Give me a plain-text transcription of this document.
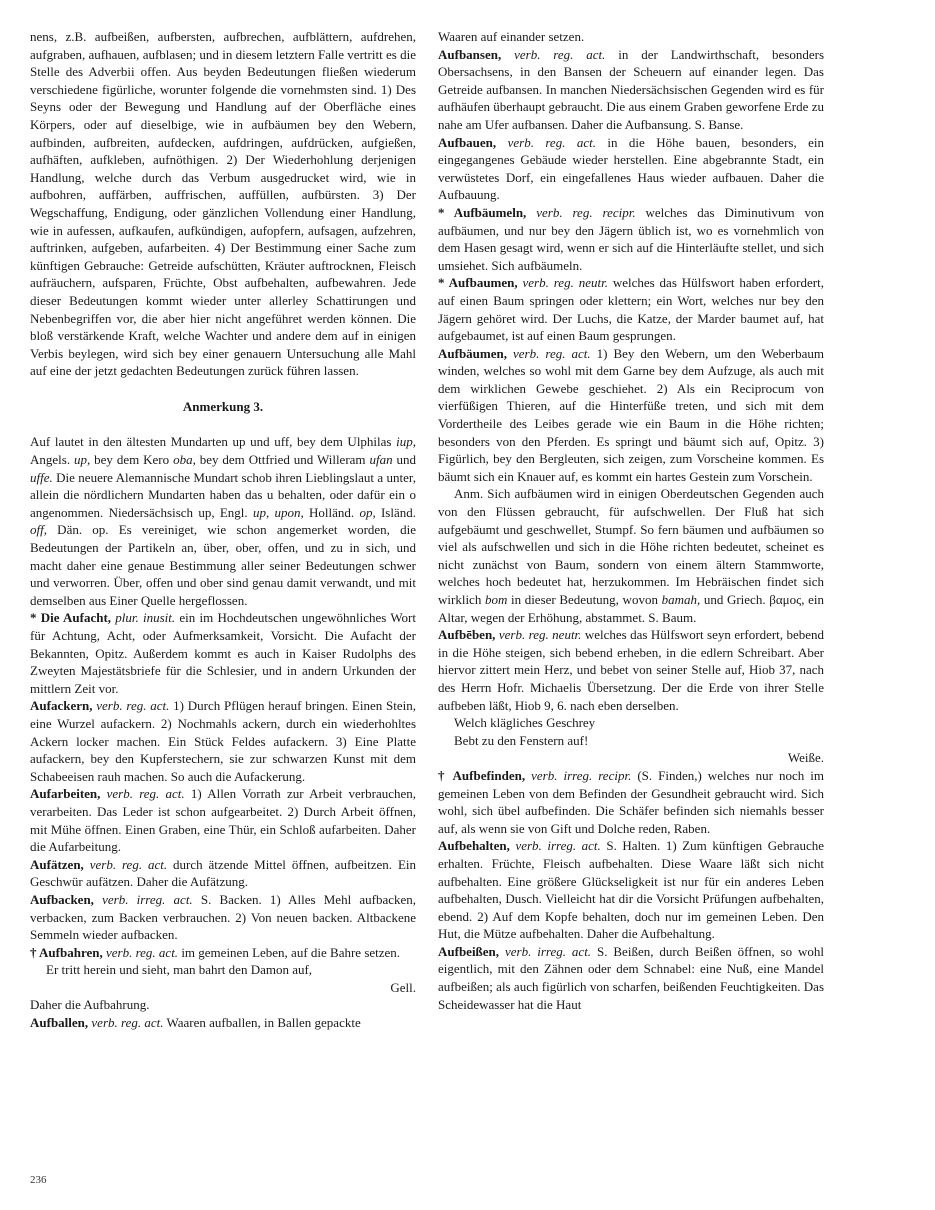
nens, z.B. aufbeißen, aufbersten, aufbrechen, aufblättern, aufdrehen, aufgraben, aufhauen, aufblasen; und in diesem letztern Falle vertritt es die Stelle des Adverbii offen. Aus beyden Bedeutungen fließen wiederum verschiedene figürliche, worunter folgende die vornehmsten sind. 1) Des Seyns oder der Bewegung und Handlung auf der Oberfläche eines Körpers, oder auf dieselbige, wie in aufbäumen bey den Webern, aufbinden, aufbreiten, aufdecken, aufdringen, aufdrücken, aufgießen, aufhäften, aufkleben, aufnöthigen. 2) Der Wiederhohlung derjenigen Handlung, welche durch das Verbum ausgedrucket wird, wie in aufbohren, auffärben, auffrischen, auffüllen, aufbürsten. 3) Der Wegschaffung, Endigung, oder gänzlichen Vollendung einer Handlung, wie in aufessen, aufkaufen, aufkündigen, aufopfern, aufsagen, aufzehren, auftrinken, aufgeben, aufarbeiten. 4) Der Bestimmung einer Sache zum künftigen Gebrauche: Getreide aufschütten, Kräuter auftrocknen, Fleisch aufräuchern, aufsparen, Früchte, Obst aufbehalten, aufbewahren. Jede dieser Bedeutungen kommt wieder unter allerley Schattirungen und Nebenbegriffen vor, die aber hier nicht angeführet werden können. Die bloß verstärkende Kraft, welche Wachter und andere dem auf in einigen Verbis beylegen, wird sich bey einer genauern Untersuchung alle Mahl auf eine der jetzt gedachten Bedeutungen zurück führen lassen.

Anmerkung 3.

Auf lautet in den ältesten Mundarten up und uff, bey dem Ulphilas iup, Angels. up, bey dem Kero oba, bey dem Ottfried und Willeram ufan und uffe. Die neuere Alemannische Mundart schob ihren Lieblingslaut a unter, allein die nördlichern Mundarten haben das u behalten, oder dafür ein o angenommen. Niedersächsisch up, Engl. up, upon, Holländ. op, Isländ. off, Dän. op. Es vereiniget, wie schon angemerket worden, die Bedeutungen der Partikeln an, über, ober, offen, und zu in sich, und macht daher eine genaue Bestimmung aller seiner Bedeutungen schwer und verworren. Über, offen und ober sind genau damit verwandt, und mit demselben aus Einer Quelle hergeflossen.

* Die Aufacht, plur. inusit. ein im Hochdeutschen ungewöhnliches Wort für Achtung, Acht, oder Aufmerksamkeit, Vorsicht. Die Aufacht der Bekannten, Opitz. Außerdem kommt es auch in Kaiser Rudolphs des Zweyten Majestätsbriefe für die Schlesier, und in andern Urkunden der mittlern Zeit vor.

Aufackern, verb. reg. act. 1) Durch Pflügen herauf bringen. Einen Stein, eine Wurzel aufackern. 2) Nochmahls ackern, durch ein wiederhohltes Ackern locker machen. Ein Stück Feldes aufackern. 3) Eine Platte aufackern, bey den Kupferstechern, sie zur schwarzen Kunst mit dem Schabeeisen rauh machen. So auch die Aufackerung.

Aufarbeiten, verb. reg. act. 1) Allen Vorrath zur Arbeit verbrauchen, verarbeiten. Das Leder ist schon aufgearbeitet. 2) Durch Arbeit öffnen, mit Mühe öffnen. Einen Graben, eine Thür, ein Schloß aufarbeiten. Daher die Aufarbeitung.

Aufätzen, verb. reg. act. durch ätzende Mittel öffnen, aufbeitzen. Ein Geschwür aufätzen. Daher die Aufätzung.

Aufbacken, verb. irreg. act. S. Backen. 1) Alles Mehl aufbacken, verbacken, zum Backen verbrauchen. 2) Von neuen backen. Altbackene Semmeln wieder aufbacken.

† Aufbahren, verb. reg. act. im gemeinen Leben, auf die Bahre setzen.

Er tritt herein und sieht, man bahrt den Damon auf,

Gell.

Daher die Aufbahrung.

Aufballen, verb. reg. act. Waaren aufballen, in Ballen gepackte

Waaren auf einander setzen.

Aufbansen, verb. reg. act. in der Landwirthschaft, besonders Obersachsens, in den Bansen der Scheuern auf einander legen. Das Getreide aufbansen. In manchen Niedersächsischen Gegenden wird es für aufhäufen überhaupt gebraucht. Die aus einem Graben geworfene Erde zu nahe am Ufer aufbansen. Daher die Aufbansung. S. Banse.

Aufbauen, verb. reg. act. in die Höhe bauen, besonders, ein eingegangenes Gebäude wieder herstellen. Eine abgebrannte Stadt, ein verwüstetes Dorf, ein eingefallenes Haus wieder aufbauen. Daher die Aufbauung.

* Aufbäumeln, verb. reg. recipr. welches das Diminutivum von aufbäumen, und nur bey den Jägern üblich ist, wo es vornehmlich von dem Hasen gesagt wird, wenn er sich auf die Hinterläufte stellet, und sich umsiehet. Sich aufbäumeln.

* Aufbaumen, verb. reg. neutr. welches das Hülfswort haben erfordert, auf einen Baum springen oder klettern; ein Wort, welches nur bey den Jägern gehöret wird. Der Luchs, die Katze, der Marder baumet auf, hat aufgebaumet, ist auf einen Baum gesprungen.

Aufbäumen, verb. reg. act. 1) Bey den Webern, um den Weberbaum winden, welches so wohl mit dem Garne bey dem Aufzuge, als auch mit dem wirklichen Gewebe geschiehet. 2) Als ein Reciprocum von vierfüßigen Thieren, auf die Hinterfüße treten, und sich mit dem Vordertheile des Leibes gerade wie ein Baum in die Höhe richten; besonders von den Pferden. Es springt und bäumt sich auf, Opitz. 3) Figürlich, bey den Bergleuten, sich zeigen, zum Vorscheine kommen. Es bäumt sich ein Knauer auf, es kommt ein hartes Gestein zum Vorschein.

Anm. Sich aufbäumen wird in einigen Oberdeutschen Gegenden auch von den Flüssen gebraucht, für aufschwellen. Der Fluß hat sich aufgebäumt und geschwellet, Stumpf. So fern bäumen und aufbäumen so viel als aufschwellen und sich in die Höhe richten bedeutet, scheinet es nicht zunächst von Baum, sondern von einem ältern Stammworte, welches hoch bedeutet hat, herzukommen. Im Hebräischen findet sich wirklich bom in dieser Bedeutung, wovon bamah, und Griech. βαμος, ein Altar, wegen der Erhöhung, abstammet. S. Baum.

Aufbēben, verb. reg. neutr. welches das Hülfswort seyn erfordert, bebend in die Höhe steigen, sich bebend erheben, in die edlern Schreibart. Aber hiervor zittert mein Herz, und bebet von seiner Stelle auf, Hiob 37, nach des Herrn Hofr. Michaelis Übersetzung. Der die Erde von ihrer Stelle aufbeben läßt, Hiob 9, 6. nach eben derselben.

Welch klägliches Geschrey

Bebt zu den Fenstern auf!

Weiße.

† Aufbefinden, verb. irreg. recipr. (S. Finden,) welches nur noch im gemeinen Leben von dem Befinden der Gesundheit gebraucht wird. Sich wohl, sich übel aufbefinden. Die Schäfer befinden sich niemahls besser auf, als wenn sie von Gift und Dolche reden, Raben.

Aufbehalten, verb. irreg. act. S. Halten. 1) Zum künftigen Gebrauche erhalten. Früchte, Fleisch aufbehalten. Diese Waare läßt sich nicht aufbehalten. Eine größere Glückseligkeit ist nur für ein anderes Leben aufbehalten, Dusch. Vielleicht hat dir die Vorsicht Prüfungen aufbehalten, ebend. 2) Auf dem Kopfe behalten, doch nur im gemeinen Leben. Den Hut, die Mütze aufbehalten. Daher die Aufbehaltung.

Aufbeißen, verb. irreg. act. S. Beißen, durch Beißen öffnen, so wohl eigentlich, mit den Zähnen oder dem Schnabel: eine Nuß, eine Mandel aufbeißen; als auch figürlich von scharfen, beißenden Feuchtigkeiten. Das Scheidewasser hat die Haut

236
